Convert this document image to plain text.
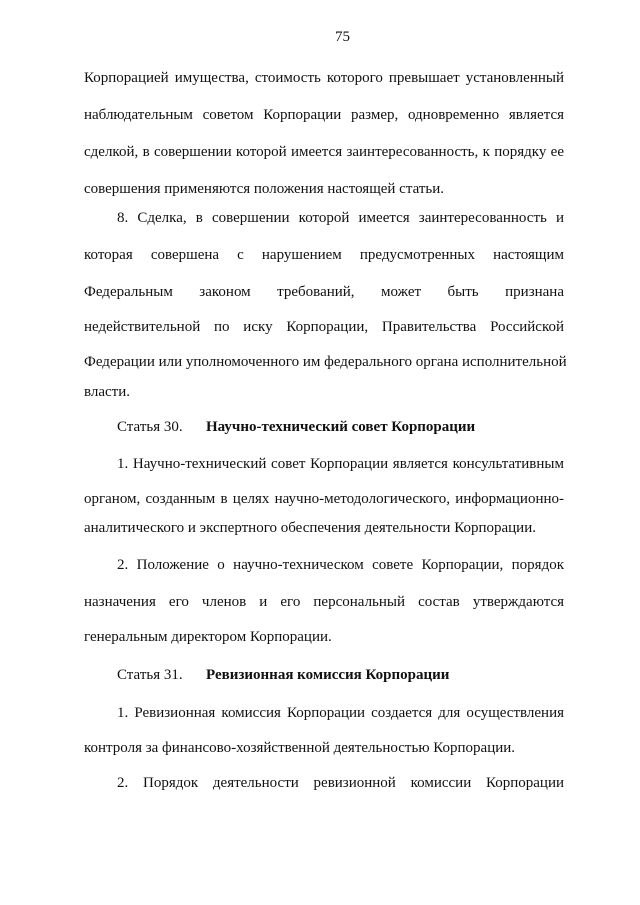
75
Корпорацией имущества, стоимость которого превышает установленный
наблюдательным советом Корпорации размер, одновременно является
сделкой, в совершении которой имеется заинтересованность, к порядку ее
совершения применяются положения настоящей статьи.
8. Сделка, в совершении которой имеется заинтересованность и
которая совершена с нарушением предусмотренных настоящим
Федеральным законом требований, может быть признана
недействительной по иску Корпорации, Правительства Российской
Федерации или уполномоченного им федерального органа исполнительной
власти.
Статья 30. Научно-технический совет Корпорации
1. Научно-технический совет Корпорации является консультативным
органом, созданным в целях научно-методологического, информационно-
аналитического и экспертного обеспечения деятельности Корпорации.
2. Положение о научно-техническом совете Корпорации, порядок
назначения его членов и его персональный состав утверждаются
генеральным директором Корпорации.
Статья 31. Ревизионная комиссия Корпорации
1. Ревизионная комиссия Корпорации создается для осуществления
контроля за финансово-хозяйственной деятельностью Корпорации.
2. Порядок деятельности ревизионной комиссии Корпорации
